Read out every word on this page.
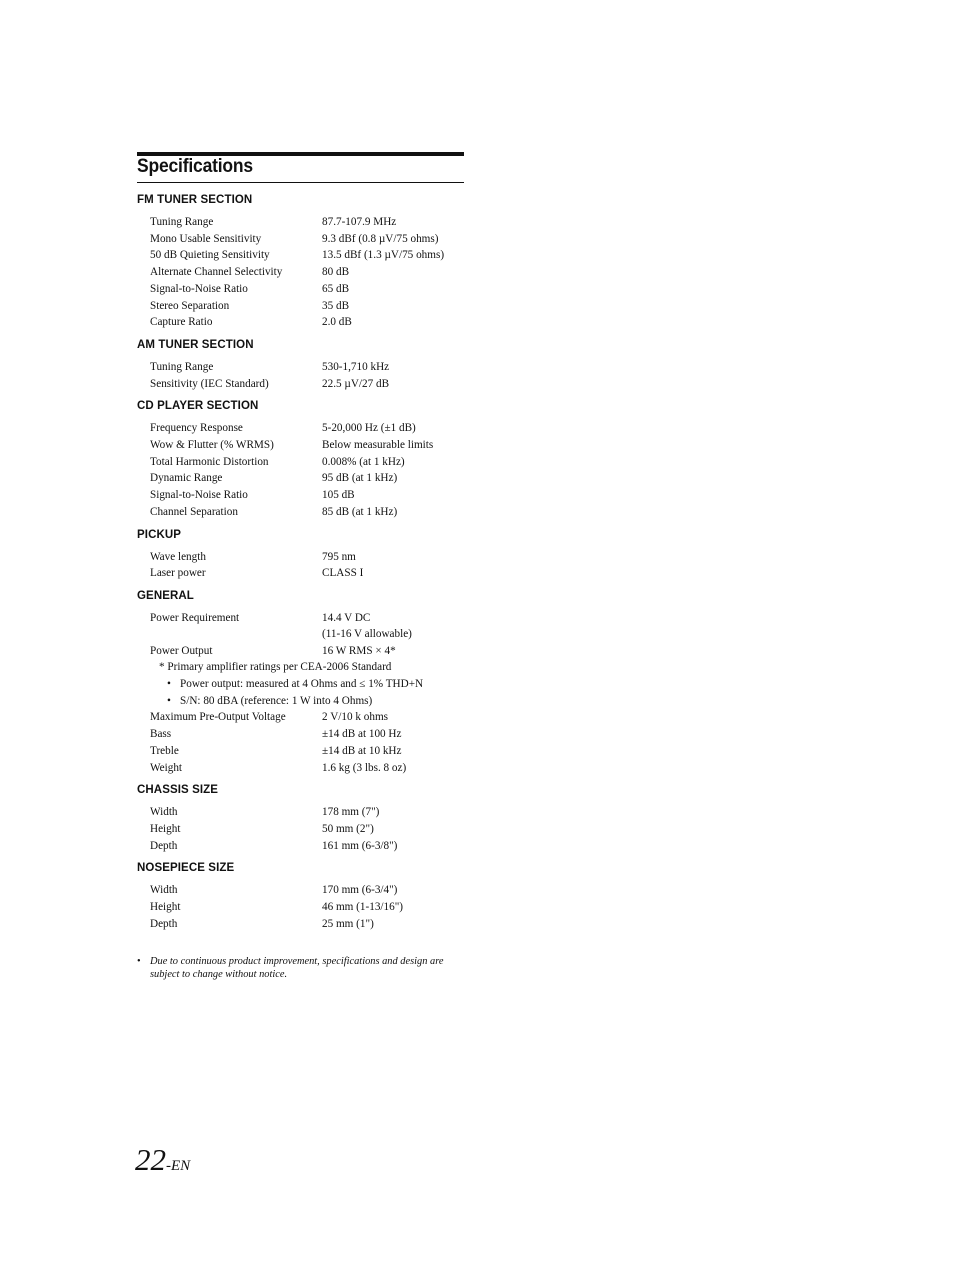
Specifications
FM TUNER SECTION
Tuning Range	87.7-107.9 MHz
Mono Usable Sensitivity	9.3 dBf (0.8 µV/75 ohms)
50 dB Quieting Sensitivity	13.5 dBf (1.3 µV/75 ohms)
Alternate Channel Selectivity	80 dB
Signal-to-Noise Ratio	65 dB
Stereo Separation	35 dB
Capture Ratio	2.0 dB
AM TUNER SECTION
Tuning Range	530-1,710 kHz
Sensitivity (IEC Standard)	22.5 µV/27 dB
CD PLAYER SECTION
Frequency Response	5-20,000 Hz (±1 dB)
Wow & Flutter (% WRMS)	Below measurable limits
Total Harmonic Distortion	0.008% (at 1 kHz)
Dynamic Range	95 dB (at 1 kHz)
Signal-to-Noise Ratio	105 dB
Channel Separation	85 dB (at 1 kHz)
PICKUP
Wave length	795 nm
Laser power	CLASS I
GENERAL
Power Requirement	14.4 V DC
(11-16 V allowable)
Power Output	16 W RMS × 4*
* Primary amplifier ratings per CEA-2006 Standard
• Power output: measured at 4 Ohms and ≤ 1% THD+N
• S/N: 80 dBA (reference: 1 W into 4 Ohms)
Maximum Pre-Output Voltage	2 V/10 k ohms
Bass	±14 dB at 100 Hz
Treble	±14 dB at 10 kHz
Weight	1.6 kg (3 lbs. 8 oz)
CHASSIS SIZE
Width	178 mm (7")
Height	50 mm (2")
Depth	161 mm (6-3/8")
NOSEPIECE SIZE
Width	170 mm (6-3/4")
Height	46 mm (1-13/16")
Depth	25 mm (1")
• Due to continuous product improvement, specifications and design are subject to change without notice.
22-EN
